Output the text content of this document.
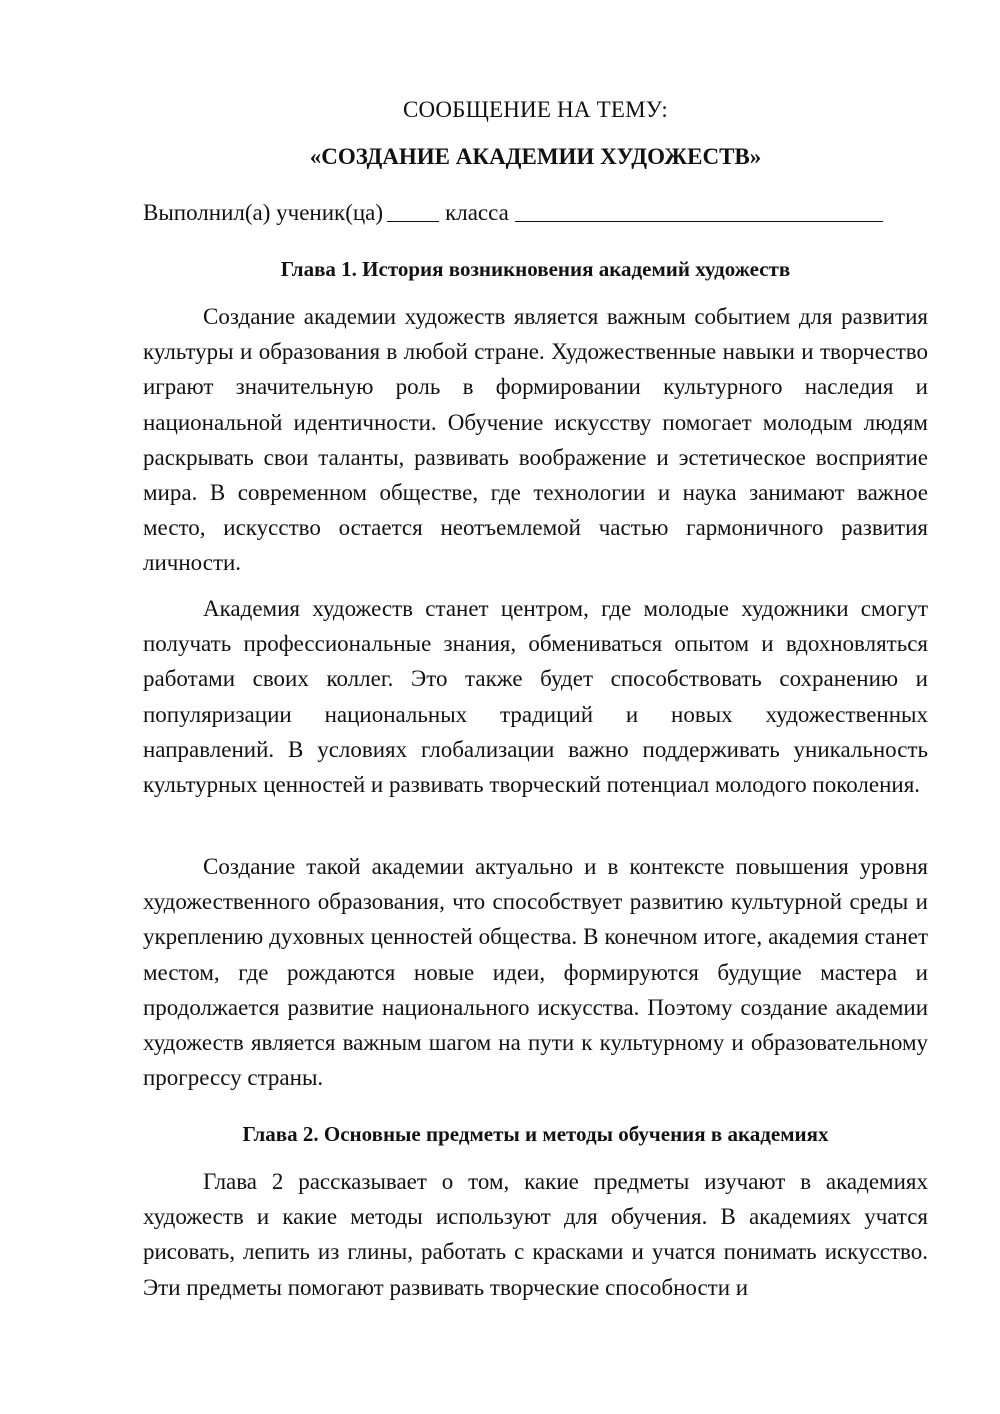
СООБЩЕНИЕ НА ТЕМУ:

«СОЗДАНИЕ АКАДЕМИИ ХУДОЖЕСТВ»

Выполнил(а) ученик(ца)	класса
Глава 1. История возникновения академий художеств

Создание академии художеств является важным событием для развития культуры и образования в любой стране. Художественные навыки и творчество играют значительную роль в формировании культурного наследия и национальной идентичности. Обучение искусству помогает молодым людям раскрывать свои таланты, развивать воображение и эстетическое восприятие мира. В современном обществе, где технологии и наука занимают важное место, искусство остается неотъемлемой частью гармоничного развития личности.

Академия художеств станет центром, где молодые художники смогут получать профессиональные знания, обмениваться опытом и вдохновляться работами своих коллег. Это также будет способствовать сохранению и популяризации национальных традиций и новых художественных направлений. В условиях глобализации важно поддерживать уникальность культурных ценностей и развивать творческий потенциал молодого поколения.

Создание такой академии актуально и в контексте повышения уровня художественного образования, что способствует развитию культурной среды и укреплению духовных ценностей общества. В конечном итоге, академия станет местом, где рождаются новые идеи, формируются будущие мастера и продолжается развитие национального искусства. Поэтому создание академии художеств является важным шагом на пути к культурному и образовательному прогрессу страны.

Глава 2. Основные предметы и методы обучения в академиях

Глава 2 рассказывает о том, какие предметы изучают в академиях художеств и какие методы используют для обучения. В академиях учатся рисовать, лепить из глины, работать с красками и учатся понимать искусство. Эти предметы помогают развивать творческие способности и
